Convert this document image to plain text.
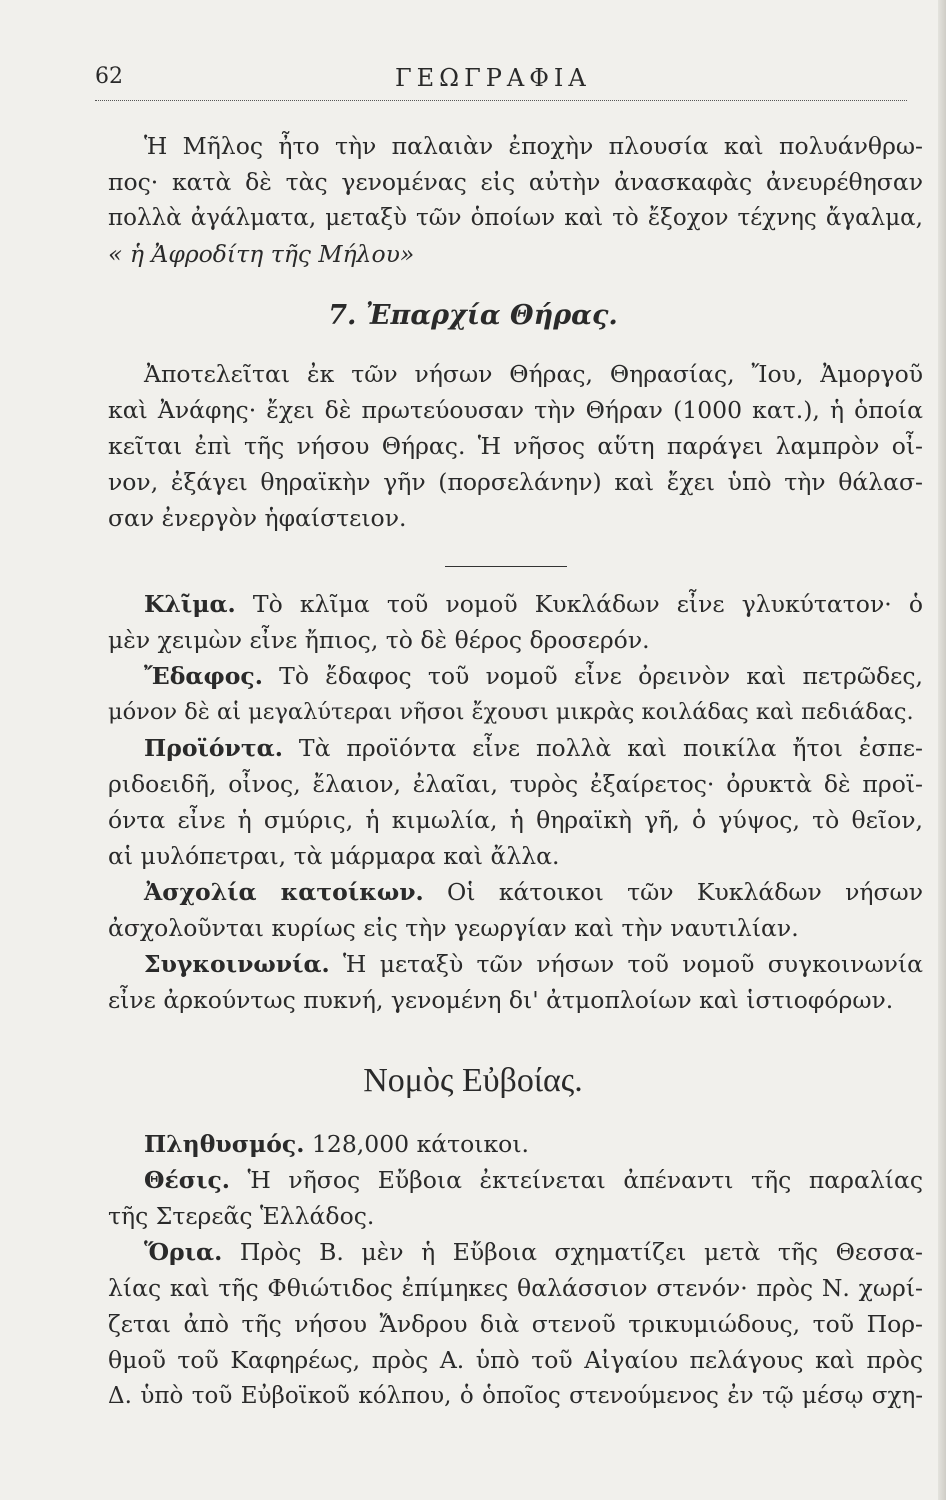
62	ΓΕΩΓΡΑΦΙΑ
Ἡ Μῆλος ἦτο τὴν παλαιὰν ἐποχὴν πλουσία καὶ πολυάνθρω-
πος· κατὰ δὲ τὰς γενομένας εἰς αὐτὴν ἀνασκαφὰς ἀνευρέθησαν
πολλὰ ἀγάλματα, μεταξὺ τῶν ὁποίων καὶ τὸ ἔξοχον τέχνης ἄγαλμα,
« ἡ Ἀφροδίτη τῆς Μήλου»
7. Ἐπαρχία Θήρας.
Ἀποτελεῖται ἐκ τῶν νήσων Θήρας, Θηρασίας, Ἴου, Ἀμοργοῦ
καὶ Ἀνάφης· ἔχει δὲ πρωτεύουσαν τὴν Θήραν (1000 κατ.), ἡ ὁποία
κεῖται ἐπὶ τῆς νήσου Θήρας. Ἡ νῆσος αὕτη παράγει λαμπρὸν οἶ-
νον, ἐξάγει θηραϊκὴν γῆν (πορσελάνην) καὶ ἔχει ὑπὸ τὴν θάλασ-
σαν ἐνεργὸν ἡφαίστειον.
Κλῖμα. Τὸ κλῖμα τοῦ νομοῦ Κυκλάδων εἶνε γλυκύτατον· ὁ
μὲν χειμὼν εἶνε ἤπιος, τὸ δὲ θέρος δροσερόν.
Ἔδαφος. Τὸ ἔδαφος τοῦ νομοῦ εἶνε ὀρεινὸν καὶ πετρῶδες,
μόνον δὲ αἱ μεγαλύτεραι νῆσοι ἔχουσι μικρὰς κοιλάδας καὶ πεδιάδας.
Προϊόντα. Τὰ προϊόντα εἶνε πολλὰ καὶ ποικίλα ἤτοι ἐσπε-
ριδοειδῆ, οἶνος, ἔλαιον, ἐλαῖαι, τυρὸς ἐξαίρετος· ὀρυκτὰ δὲ προϊ-
όντα εἶνε ἡ σμύρις, ἡ κιμωλία, ἡ θηραϊκὴ γῆ, ὁ γύψος, τὸ θεῖον,
αἱ μυλόπετραι, τὰ μάρμαρα καὶ ἄλλα.
Ἀσχολία κατοίκων. Οἱ κάτοικοι τῶν Κυκλάδων νήσων
ἀσχολοῦνται κυρίως εἰς τὴν γεωργίαν καὶ τὴν ναυτιλίαν.
Συγκοινωνία. Ἡ μεταξὺ τῶν νήσων τοῦ νομοῦ συγκοινωνία
εἶνε ἀρκούντως πυκνή, γενομένη δι' ἀτμοπλοίων καὶ ἱστιοφόρων.
Νομὸς Εὐβοίας.
Πληθυσμός. 128,000 κάτοικοι.
Θέσις. Ἡ νῆσος Εὔβοια ἐκτείνεται ἀπέναντι τῆς παραλίας
τῆς Στερεᾶς Ἑλλάδος.
Ὅρια. Πρὸς Β. μὲν ἡ Εὔβοια σχηματίζει μετὰ τῆς Θεσσα-
λίας καὶ τῆς Φθιώτιδος ἐπίμηκες θαλάσσιον στενόν· πρὸς Ν. χωρί-
ζεται ἀπὸ τῆς νήσου Ἄνδρου διὰ στενοῦ τρικυμιώδους, τοῦ Πορ-
θμοῦ τοῦ Καφηρέως, πρὸς Α. ὑπὸ τοῦ Αἰγαίου πελάγους καὶ πρὸς
Δ. ὑπὸ τοῦ Εὐβοϊκοῦ κόλπου, ὁ ὁποῖος στενούμενος ἐν τῷ μέσῳ σχη-
